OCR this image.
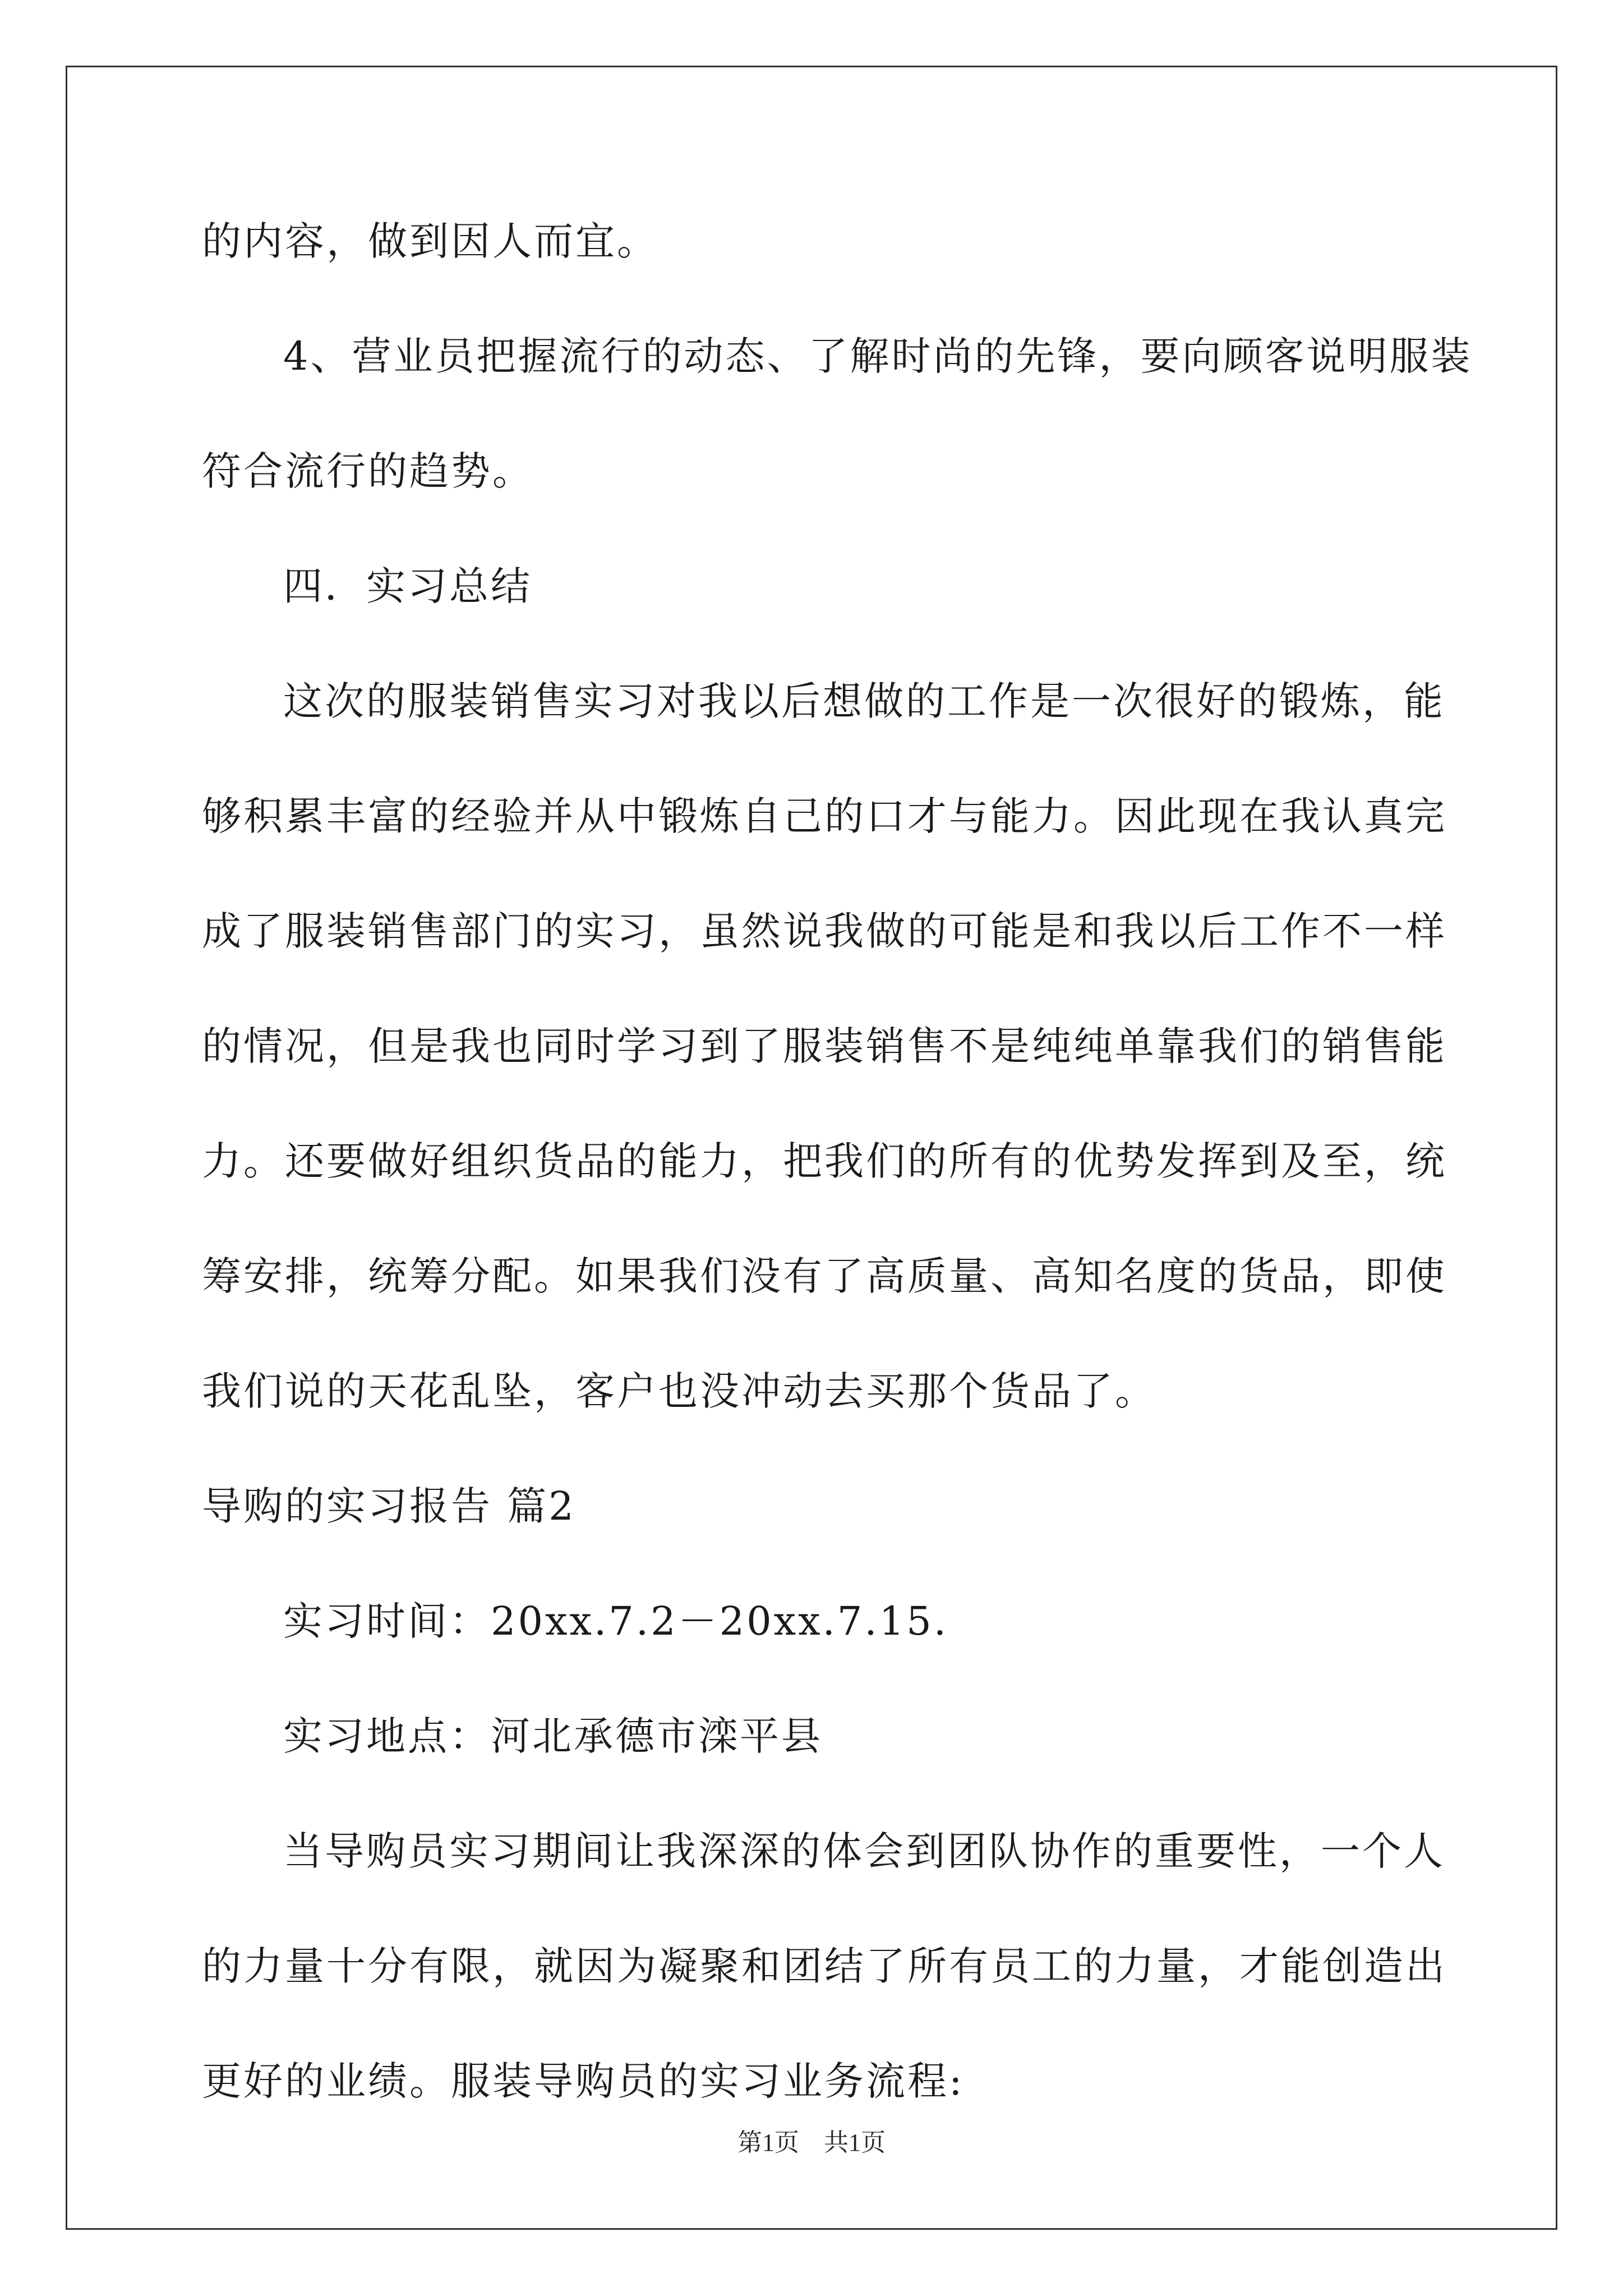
的内容，做到因人而宜。
4、营业员把握流行的动态、了解时尚的先锋，要向顾客说明服装
符合流行的趋势。
四．实习总结
这次的服装销售实习对我以后想做的工作是一次很好的锻炼，能
够积累丰富的经验并从中锻炼自己的口才与能力。因此现在我认真完
成了服装销售部门的实习，虽然说我做的可能是和我以后工作不一样
的情况，但是我也同时学习到了服装销售不是纯纯单靠我们的销售能
力。还要做好组织货品的能力，把我们的所有的优势发挥到及至，统
筹安排，统筹分配。如果我们没有了高质量、高知名度的货品，即使
我们说的天花乱坠，客户也没冲动去买那个货品了。
导购的实习报告 篇2
实习时间：20xx.7.2－20xx.7.15.
实习地点：河北承德市滦平县
当导购员实习期间让我深深的体会到团队协作的重要性，一个人
的力量十分有限，就因为凝聚和团结了所有员工的力量，才能创造出
更好的业绩。服装导购员的实习业务流程:
第1页　共1页
